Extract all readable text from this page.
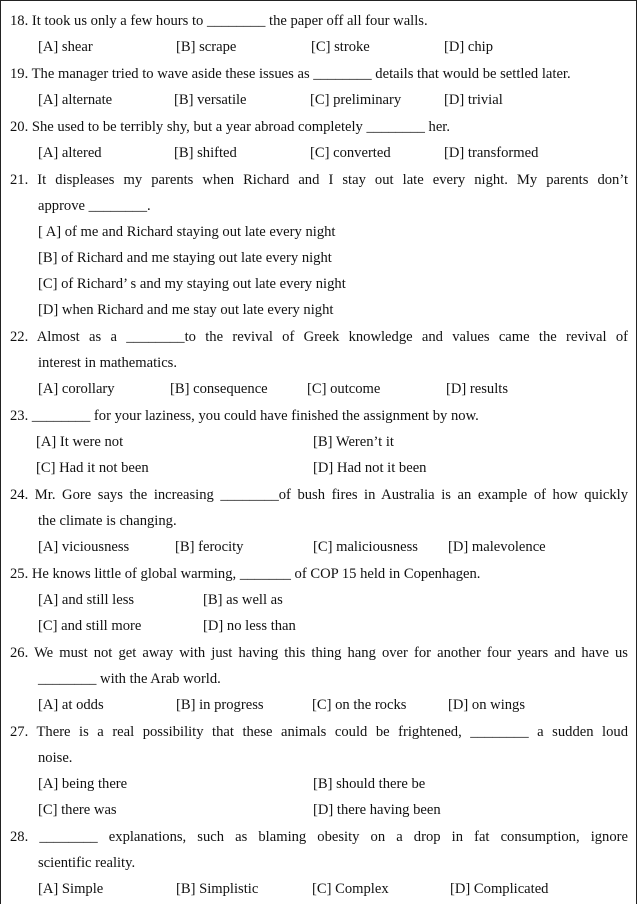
18. It took us only a few hours to ________ the paper off all four walls.
[A] shear	[B] scrape	[C] stroke	[D] chip
19. The manager tried to wave aside these issues as ________ details that would be settled later.
[A] alternate	[B] versatile	[C] preliminary	[D] trivial
20. She used to be terribly shy, but a year abroad completely ________ her.
[A] altered	[B] shifted	[C] converted	[D] transformed
21. It displeases my parents when Richard and I stay out late every night. My parents don’t
approve ________.
[ A] of me and Richard staying out late every night
[B] of Richard and me staying out late every night
[C] of Richard’ s and my staying out late every night
[D] when Richard and me stay out late every night
22. Almost as a ________to the revival of Greek knowledge and values came the revival of
interest in mathematics.
[A] corollary	[B] consequence	[C] outcome	[D] results
23. ________ for your laziness, you could have finished the assignment by now.
[A] It were not	[B] Weren’t it
[C] Had it not been	[D] Had not it been
24. Mr. Gore says the increasing ________of bush fires in Australia is an example of how quickly
the climate is changing.
[A] viciousness	[B] ferocity	[C] maliciousness [D] malevolence
25. He knows little of global warming, _______ of COP 15 held in Copenhagen.
[A] and still less	[B] as well as
[C] and still more	[D] no less than
26. We must not get away with just having this thing hang over for another four years and have us
________ with the Arab world.
[A] at odds	[B] in progress	[C] on the rocks	[D] on wings
27. There is a real possibility that these animals could be frightened, ________ a sudden loud
noise.
[A] being there	[B] should there be
[C] there was	[D] there having been
28. ________ explanations, such as blaming obesity on a drop in fat consumption, ignore
scientific reality.
[A] Simple	[B] Simplistic	[C] Complex	[D] Complicated
